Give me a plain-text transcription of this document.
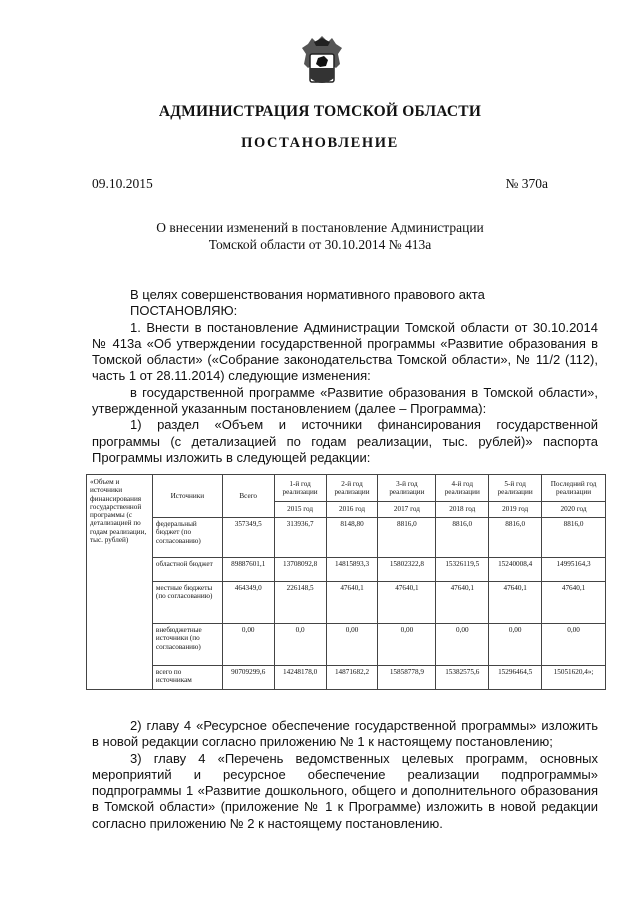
АДМИНИСТРАЦИЯ ТОМСКОЙ ОБЛАСТИ
ПОСТАНОВЛЕНИЕ
09.10.2015	№ 370а
О внесении изменений в постановление Администрации
Томской области от 30.10.2014 № 413а

В целях совершенствования нормативного правового акта

ПОСТАНОВЛЯЮ:

1. Внести в постановление Администрации Томской области от 30.10.2014 № 413а «Об утверждении государственной программы «Развитие образования в Томской области» («Собрание законодательства Томской области», № 11/2 (112), часть 1 от 28.11.2014) следующие изменения:

в государственной программе «Развитие образования в Томской области», утвержденной указанным постановлением (далее – Программа):

1) раздел «Объем и источники финансирования государственной программы (с детализацией по годам реализации, тыс. рублей)» паспорта Программы изложить в следующей редакции:

«Объем и источники финансирования государственной программы (с детализацией по годам реализации, тыс. рублей)	Источники	Всего	1-й год реализации	2-й год реализации	3-й год реализации	4-й год реализации	5-й год реализации	Последний год реализации
			2015 год	2016 год	2017 год	2018 год	2019 год	2020 год
	федеральный бюджет (по согласованию)	357349,5	313936,7	8148,80	8816,0	8816,0	8816,0	8816,0
	областной бюджет	89887601,1	13708092,8	14815893,3	15802322,8	15326119,5	15240008,4	14995164,3
	местные бюджеты (по согласованию)	464349,0	226148,5	47640,1	47640,1	47640,1	47640,1	47640,1
	внебюджетные источники (по согласованию)	0,00	0,0	0,00	0,00	0,00	0,00	0,00
	всего по источникам	90709299,6	14248178,0	14871682,2	15858778,9	15382575,6	15296464,5	15051620,4»;

2) главу 4 «Ресурсное обеспечение государственной программы» изложить в новой редакции согласно приложению № 1 к настоящему постановлению;

3) главу 4 «Перечень ведомственных целевых программ, основных мероприятий и ресурсное обеспечение реализации подпрограммы» подпрограммы 1 «Развитие дошкольного, общего и дополнительного образования в Томской области» (приложение № 1 к Программе) изложить в новой редакции согласно приложению № 2 к настоящему постановлению.
